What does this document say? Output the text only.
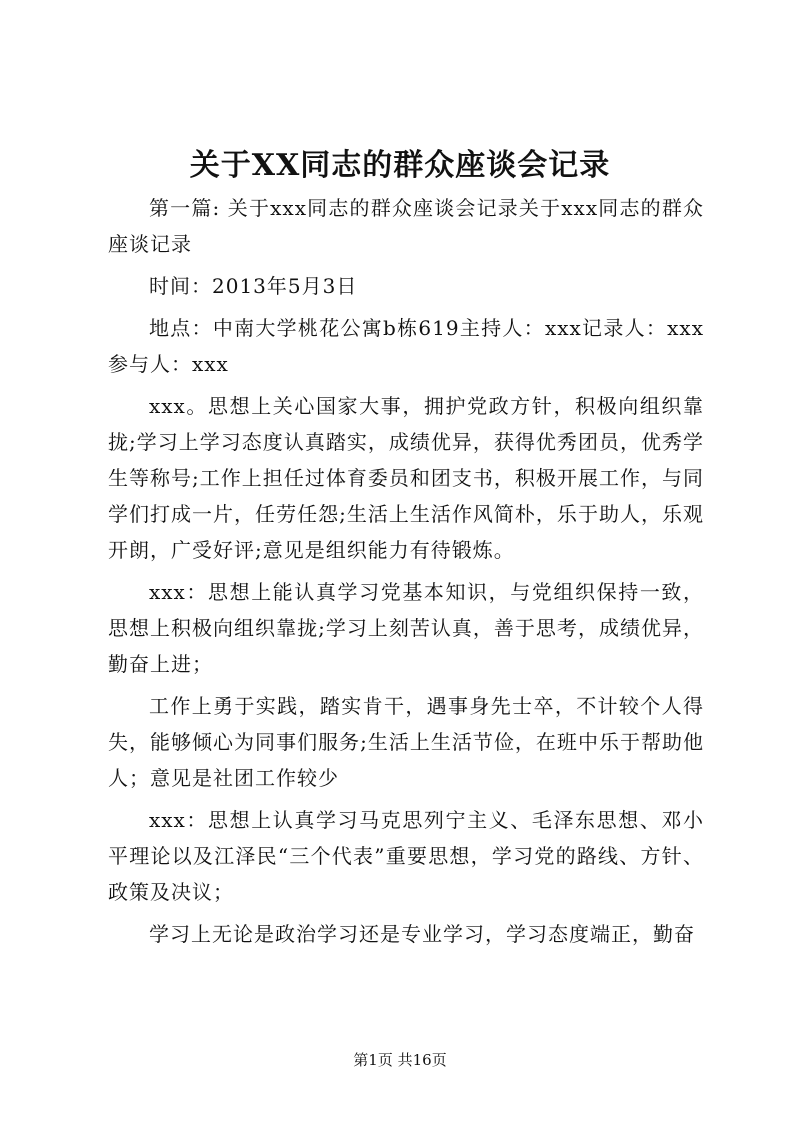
关于XX同志的群众座谈会记录

第一篇: 关于xxx同志的群众座谈会记录关于xxx同志的群众座谈记录

时间：2013年5月3日

地点：中南大学桃花公寓b栋619主持人：xxx记录人：xxx参与人：xxx

xxx。思想上关心国家大事，拥护党政方针，积极向组织靠拢;学习上学习态度认真踏实，成绩优异，获得优秀团员，优秀学生等称号;工作上担任过体育委员和团支书，积极开展工作，与同学们打成一片，任劳任怨;生活上生活作风简朴，乐于助人，乐观开朗，广受好评;意见是组织能力有待锻炼。

xxx：思想上能认真学习党基本知识，与党组织保持一致，思想上积极向组织靠拢;学习上刻苦认真，善于思考，成绩优异，勤奋上进；

工作上勇于实践，踏实肯干，遇事身先士卒，不计较个人得失，能够倾心为同事们服务;生活上生活节俭，在班中乐于帮助他人；意见是社团工作较少

xxx：思想上认真学习马克思列宁主义、毛泽东思想、邓小平理论以及江泽民“三个代表”重要思想，学习党的路线、方针、政策及决议；

学习上无论是政治学习还是专业学习，学习态度端正，勤奋

第1页 共16页
